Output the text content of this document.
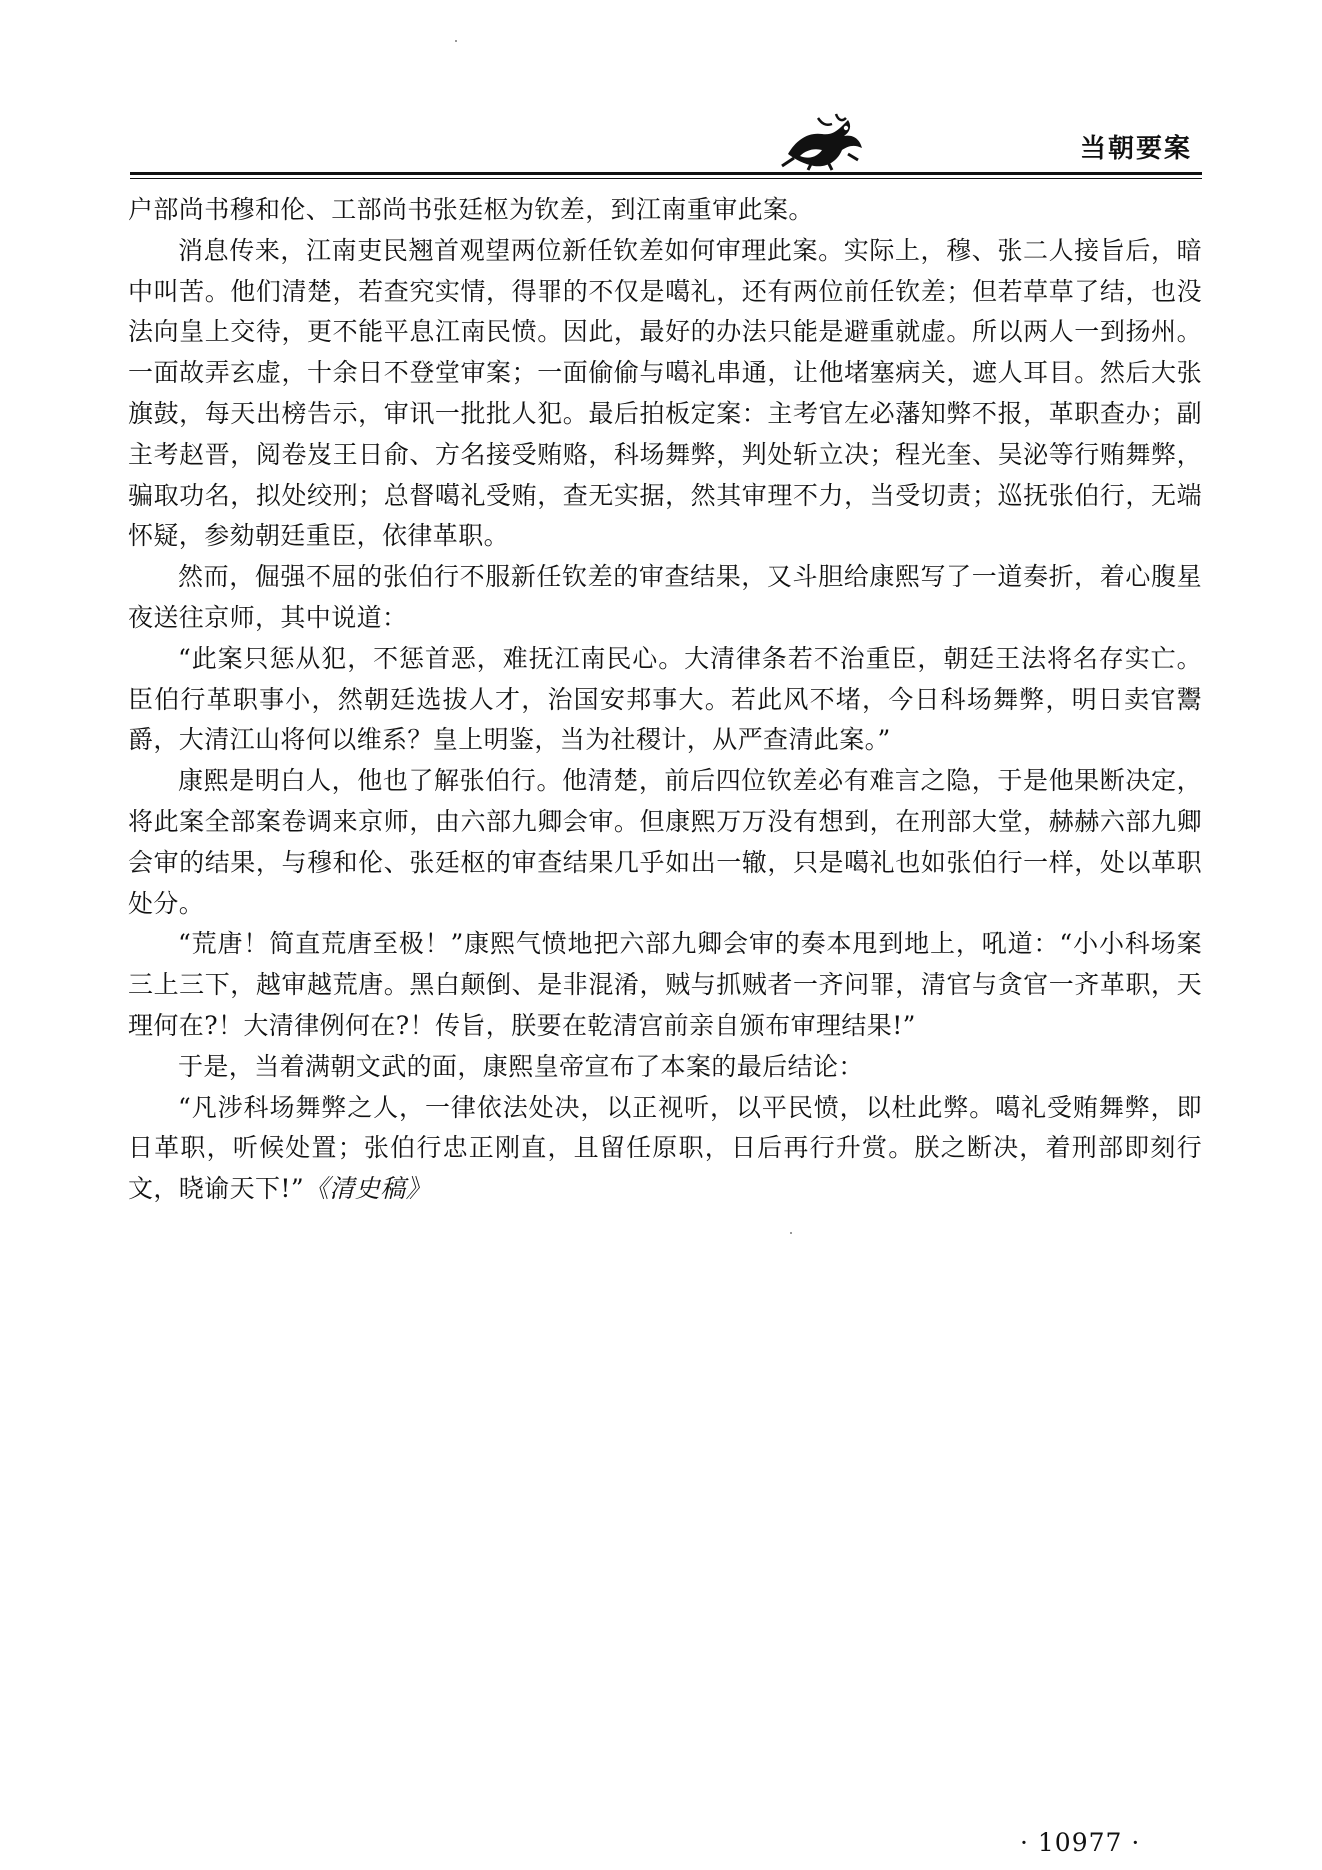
当朝要案

户部尚书穆和伦、工部尚书张廷枢为钦差，到江南重审此案。

消息传来，江南吏民翘首观望两位新任钦差如何审理此案。实际上，穆、张二人接旨后，暗中叫苦。他们清楚，若查究实情，得罪的不仅是噶礼，还有两位前任钦差；但若草草了结，也没法向皇上交待，更不能平息江南民愤。因此，最好的办法只能是避重就虚。所以两人一到扬州。一面故弄玄虚，十余日不登堂审案；一面偷偷与噶礼串通，让他堵塞病关，遮人耳目。然后大张旗鼓，每天出榜告示，审讯一批批人犯。最后拍板定案：主考官左必藩知弊不报，革职查办；副主考赵晋，阅卷岌王日俞、方名接受贿赂，科场舞弊，判处斩立决；程光奎、吴泌等行贿舞弊，骗取功名，拟处绞刑；总督噶礼受贿，查无实据，然其审理不力，当受切责；巡抚张伯行，无端怀疑，参劾朝廷重臣，依律革职。

然而，倔强不屈的张伯行不服新任钦差的审查结果，又斗胆给康熙写了一道奏折，着心腹星夜送往京师，其中说道：

“此案只惩从犯，不惩首恶，难抚江南民心。大清律条若不治重臣，朝廷王法将名存实亡。臣伯行革职事小，然朝廷选拔人才，治国安邦事大。若此风不堵，今日科场舞弊，明日卖官鬻爵，大清江山将何以维系？皇上明鉴，当为社稷计，从严查清此案。”

康熙是明白人，他也了解张伯行。他清楚，前后四位钦差必有难言之隐，于是他果断决定，将此案全部案卷调来京师，由六部九卿会审。但康熙万万没有想到，在刑部大堂，赫赫六部九卿会审的结果，与穆和伦、张廷枢的审查结果几乎如出一辙，只是噶礼也如张伯行一样，处以革职处分。

“荒唐！简直荒唐至极！”康熙气愤地把六部九卿会审的奏本甩到地上，吼道：“小小科场案三上三下，越审越荒唐。黑白颠倒、是非混淆，贼与抓贼者一齐问罪，清官与贪官一齐革职，天理何在?！大清律例何在?！传旨，朕要在乾清宫前亲自颁布审理结果!”

于是，当着满朝文武的面，康熙皇帝宣布了本案的最后结论：

“凡涉科场舞弊之人，一律依法处决，以正视听，以平民愤，以杜此弊。噶礼受贿舞弊，即日革职，听候处置；张伯行忠正刚直，且留任原职，日后再行升赏。朕之断决，着刑部即刻行文，晓谕天下!”《清史稿》

· 10977 ·
